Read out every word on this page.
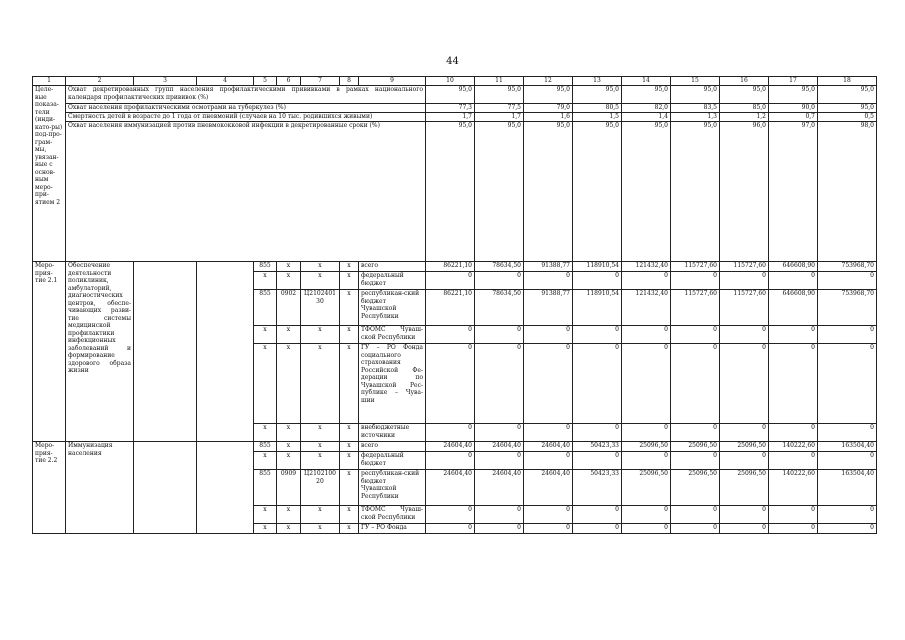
44
1	2	3	4	5	6	7	8	9	10	11	12	13	14	15	16	17	18
Целе-вые показа-тели (инди-като-ры) под-про-грам-мы, увязан-ные с основ-ным меро-при-ятием 2	Охват декретированных групп населения профилактическими прививками в рамках национального календаря профилактических прививок (%)								95,0	95,0	95,0	95,0	95,0	95,0	95,0	95,0	95,0
	Охват населения профилактическими осмотрами на туберкулез (%)								77,3	77,5	79,0	80,5	82,0	83,5	85,0	90,0	95,0
	Смертность детей в возрасте до 1 года от пневмоний (случаев на 10 тыс. родившихся живыми)								1,7	1,7	1,6	1,5	1,4	1,3	1,2	0,7	0,5
	Охват населения иммунизацией против пневмококковой инфекции в декретированные сроки (%)								95,0	95,0	95,0	95,0	95,0	95,0	96,0	97,0	98,0
Меро-прия-тие 2.1	Обеспечение деятельности поликлиник, амбулаторий, диагностических центров, обеспе-чивающих разви-тие системы медицинской профилактики инфекционных заболеваний и формирование здорового образа жизни			855	x	x	x	всего	86221,10	78634,50	91388,77	118910,54	121432,40	115727,60	115727,60	646608,90	753968,70
				x	x	x	x	федеральный бюджет	0	0	0	0	0	0	0	0	0
				855	0902	Ц2102401 30	x	республикан-ский бюджет Чувашской Республики	86221,10	78634,50	91388,77	118910,54	121432,40	115727,60	115727,60	646608,90	753968,70
				x	x	x	x	ТФОМС Чуваш-ской Республики	0	0	0	0	0	0	0	0	0
				x	x	x	x	ГУ – РО Фонда социального страхования Российской Фе-дерации по Чувашской Рес-публике – Чува-шии	0	0	0	0	0	0	0	0	0
				x	x	x	x	внебюджетные источники	0	0	0	0	0	0	0	0	0
Меро-прия-тие 2.2	Иммунизация населения			855	x	x	x	всего	24604,40	24604,40	24604,40	50423,33	25096,50	25096,50	25096,50	140222,60	163504,40
				x	x	x	x	федеральный бюджет	0	0	0	0	0	0	0	0	0
				855	0909	Ц2102100 20	x	республикан-ский бюджет Чувашской Республики	24604,40	24604,40	24604,40	50423,33	25096,50	25096,50	25096,50	140222,60	163504,40
				x	x	x	x	ТФОМС Чуваш-ской Республики	0	0	0	0	0	0	0	0	0
				x	x	x	x	ГУ – РО Фонда	0	0	0	0	0	0	0	0	0
